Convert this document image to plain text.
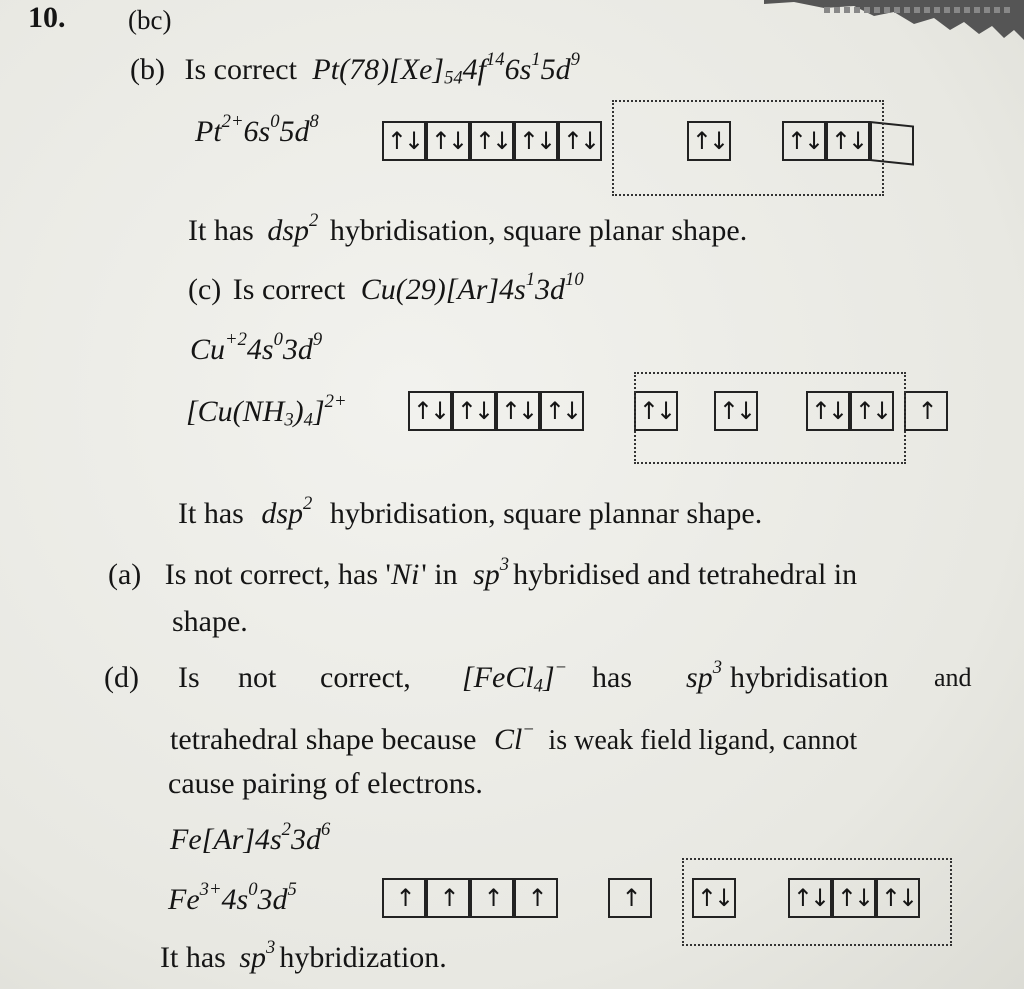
10. (bc)
(b) Is correct $Pt(78)[Xe]_{54}4f^{14}6s^15d^9$
$Pt^{2+}6s^05d^8$
↑↓ ↑↓ ↑↓ ↑↓ ↑↓	↑↓	↑↓ ↑↓
It has dsp$^2$ hybridisation, square planar shape.
(c) Is correct $Cu(29)[Ar]4s^13d^{10}$
$Cu^{+2}4s^03d^9$
$[Cu(NH_3)_4]^{2+}$	↑↓ ↑↓ ↑↓ ↑↓ ↑↓ ↑↓ ↑↓ ↑↓	↑
It has dsp$^2$ hybridisation, square plannar shape.
(a) Is not correct, has 'Ni' in $sp^3$ hybridised and tetrahedral in
shape.
(d) Is not correct, [FeCl$_4$]− has $sp^3$ hybridisation and
tetrahedral shape because Cl− is weak field ligand, cannot
cause pairing of electrons.
$Fe[Ar]4s^23d^6$
$Fe^{3+}4s^03d^5$	↑	↑	↑	↑	↑	↑↓	↑↓ ↑↓ ↑↓
It has $sp^3$ hybridization.
